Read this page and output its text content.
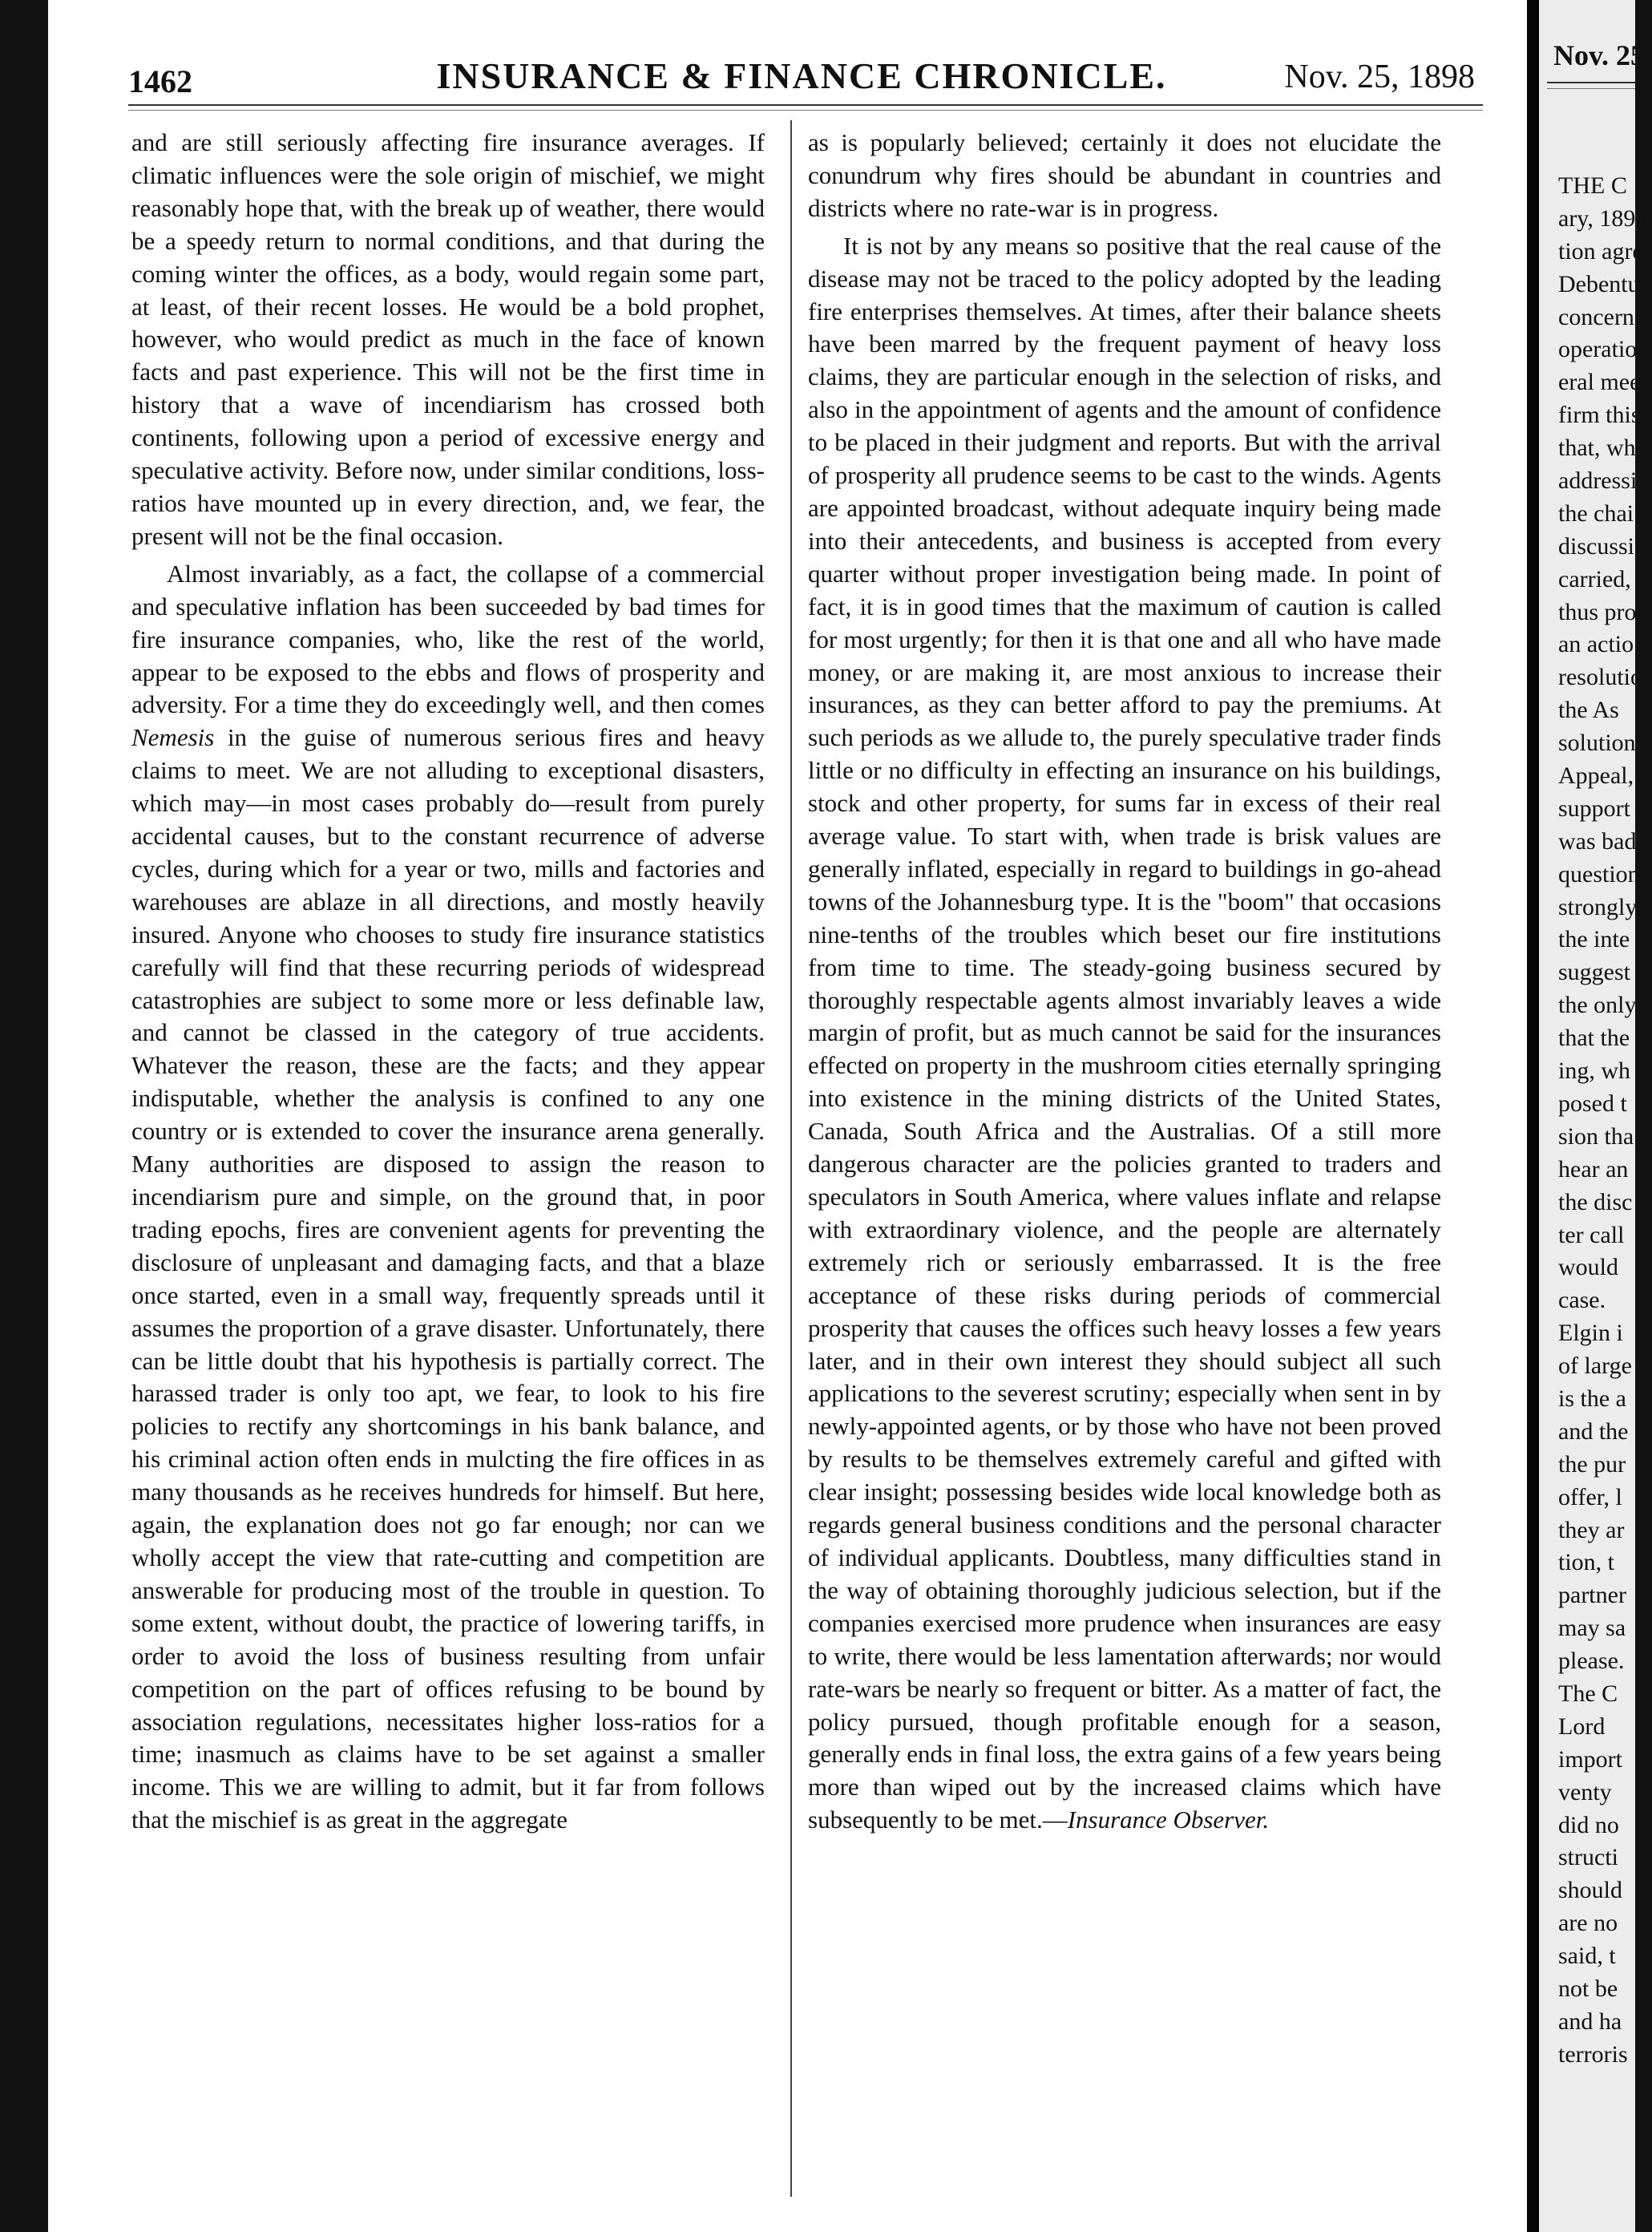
1462	INSURANCE & FINANCE CHRONICLE.	Nov. 25, 1898

and are still seriously affecting fire insurance averages. If climatic influences were the sole origin of mischief, we might reasonably hope that, with the break up of weather, there would be a speedy return to normal conditions, and that during the coming winter the offices, as a body, would regain some part, at least, of their recent losses. He would be a bold prophet, however, who would predict as much in the face of known facts and past experience. This will not be the first time in history that a wave of incendiarism has crossed both continents, following upon a period of excessive energy and speculative activity. Before now, under similar conditions, loss-ratios have mounted up in every direction, and, we fear, the present will not be the final occasion.

Almost invariably, as a fact, the collapse of a commercial and speculative inflation has been succeeded by bad times for fire insurance companies, who, like the rest of the world, appear to be exposed to the ebbs and flows of prosperity and adversity. For a time they do exceedingly well, and then comes Nemesis in the guise of numerous serious fires and heavy claims to meet. We are not alluding to exceptional disasters, which may—in most cases probably do—result from purely accidental causes, but to the constant recurrence of adverse cycles, during which for a year or two, mills and factories and warehouses are ablaze in all directions, and mostly heavily insured. Anyone who chooses to study fire insurance statistics carefully will find that these recurring periods of widespread catastrophies are subject to some more or less definable law, and cannot be classed in the category of true accidents. Whatever the reason, these are the facts; and they appear indisputable, whether the analysis is confined to any one country or is extended to cover the insurance arena generally. Many authorities are disposed to assign the reason to incendiarism pure and simple, on the ground that, in poor trading epochs, fires are convenient agents for preventing the disclosure of unpleasant and damaging facts, and that a blaze once started, even in a small way, frequently spreads until it assumes the proportion of a grave disaster. Unfortunately, there can be little doubt that his hypothesis is partially correct. The harassed trader is only too apt, we fear, to look to his fire policies to rectify any shortcomings in his bank balance, and his criminal action often ends in mulcting the fire offices in as many thousands as he receives hundreds for himself. But here, again, the explanation does not go far enough; nor can we wholly accept the view that rate-cutting and competition are answerable for producing most of the trouble in question. To some extent, without doubt, the practice of lowering tariffs, in order to avoid the loss of business resulting from unfair competition on the part of offices refusing to be bound by association regulations, necessitates higher loss-ratios for a time; inasmuch as claims have to be set against a smaller income. This we are willing to admit, but it far from follows that the mischief is as great in the aggregate

as is popularly believed; certainly it does not elucidate the conundrum why fires should be abundant in countries and districts where no rate-war is in progress.

It is not by any means so positive that the real cause of the disease may not be traced to the policy adopted by the leading fire enterprises themselves. At times, after their balance sheets have been marred by the frequent payment of heavy loss claims, they are particular enough in the selection of risks, and also in the appointment of agents and the amount of confidence to be placed in their judgment and reports. But with the arrival of prosperity all prudence seems to be cast to the winds. Agents are appointed broadcast, without adequate inquiry being made into their antecedents, and business is accepted from every quarter without proper investigation being made. In point of fact, it is in good times that the maximum of caution is called for most urgently; for then it is that one and all who have made money, or are making it, are most anxious to increase their insurances, as they can better afford to pay the premiums. At such periods as we allude to, the purely speculative trader finds little or no difficulty in effecting an insurance on his buildings, stock and other property, for sums far in excess of their real average value. To start with, when trade is brisk values are generally inflated, especially in regard to buildings in go-ahead towns of the Johannesburg type. It is the "boom" that occasions nine-tenths of the troubles which beset our fire institutions from time to time. The steady-going business secured by thoroughly respectable agents almost invariably leaves a wide margin of profit, but as much cannot be said for the insurances effected on property in the mushroom cities eternally springing into existence in the mining districts of the United States, Canada, South Africa and the Australias. Of a still more dangerous character are the policies granted to traders and speculators in South America, where values inflate and relapse with extraordinary violence, and the people are alternately extremely rich or seriously embarrassed. It is the free acceptance of these risks during periods of commercial prosperity that causes the offices such heavy losses a few years later, and in their own interest they should subject all such applications to the severest scrutiny; especially when sent in by newly-appointed agents, or by those who have not been proved by results to be themselves extremely careful and gifted with clear insight; possessing besides wide local knowledge both as regards general business conditions and the personal character of individual applicants. Doubtless, many difficulties stand in the way of obtaining thoroughly judicious selection, but if the companies exercised more prudence when insurances are easy to write, there would be less lamentation afterwards; nor would rate-wars be nearly so frequent or bitter. As a matter of fact, the policy pursued, though profitable enough for a season, generally ends in final loss, the extra gains of a few years being more than wiped out by the increased claims which have subsequently to be met.—Insurance Observer.

Nov. 25,
THE C
ary, 1898
tion agre
Debentu
concerns
operation
eral mee
firm this
that, whi
addressi
the chai
discussic
carried,
thus pro
an actio
resolutio
the As
solution
Appeal,
support
was bad
question
strongly
the inte
suggest
the only
that the
ing, wh
posed t
sion tha
hear an
the disc
ter call
would
case.
Elgin i
of large
is the a
and the
the pur
offer, l
they ar
tion, t
partner
may sa
please.
The C
Lord
import
venty
did no
structi
should
are no
said, t
not be
and ha
terroris
